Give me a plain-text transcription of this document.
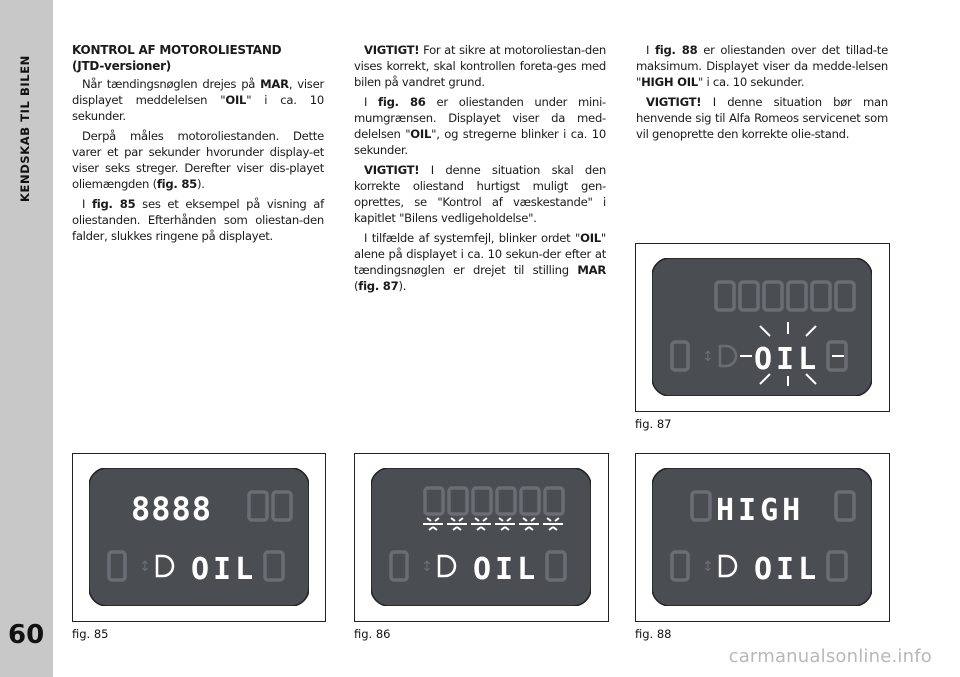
KENDSKAB TIL BILEN
60
KONTROL AF MOTOROLIESTAND
(JTD-versioner)

Når tændingsnøglen drejes på MAR, viser displayet meddelelsen "OIL" i ca. 10 sekunder.

Derpå måles motoroliestanden. Dette varer et par sekunder hvorunder display-et viser seks streger. Derefter viser dis-playet oliemængden (fig. 85).

I fig. 85 ses et eksempel på visning af oliestanden. Efterhånden som oliestan-den falder, slukkes ringene på displayet.

VIGTIGT! For at sikre at motoroliestan-den vises korrekt, skal kontrollen foreta-ges med bilen på vandret grund.

I fig. 86 er oliestanden under mini-mumgrænsen. Displayet viser da med-delelsen "OIL", og stregerne blinker i ca. 10 sekunder.

VIGTIGT! I denne situation skal den korrekte oliestand hurtigst muligt gen-oprettes, se "Kontrol af væskestande" i kapitlet "Bilens vedligeholdelse".

I tilfælde af systemfejl, blinker ordet "OIL" alene på displayet i ca. 10 sekun-der efter at tændingsnøglen er drejet til stilling MAR (fig. 87).

I fig. 88 er oliestanden over det tillad-te maksimum. Displayet viser da medde-lelsen "HIGH OIL" i ca. 10 sekunder.

VIGTIGT! I denne situation bør man henvende sig til Alfa Romeos servicenet som vil genoprette den korrekte olie-stand.

↕ OIL
fig. 87
8888
↕ OIL
fig. 85
↕ OIL
fig. 86
HIGH
↕ OIL
fig. 88
carmanualsonline.info
